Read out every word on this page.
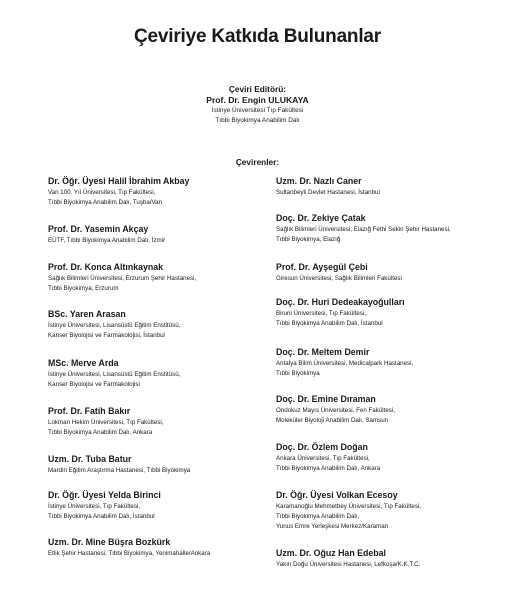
Çeviriye Katkıda Bulunanlar
Çeviri Editörü:
Prof. Dr. Engin ULUKAYA
İstinye Üniversitesi Tıp Fakültesi
Tıbbi Biyokimya Anabilim Dalı
Çevirenler:
Dr. Öğr. Üyesi Halil İbrahim Akbay
Van 100. Yıl Üniversitesi, Tıp Fakültesi,
Tıbbi Biyokimya Anabilim Dalı, Tuşba/Van
Prof. Dr. Yasemin Akçay
EÜTF, Tıbbi Biyokimya Anabilim Dalı, İzmir
Prof. Dr. Konca Altınkaynak
Sağlık Bilimleri Üniversitesi, Erzurum Şehir Hastanesi,
Tıbbi Biyokimya, Erzurum
BSc. Yaren Arasan
İstinye Üniversitesi, Lisansüstü Eğitim Enstitüsü,
Kanser Biyolojisi ve Farmakolojisi, İstanbul
MSc. Merve Arda
İstinye Üniversitesi, Lisansüstü Eğitim Enstitüsü,
Kanser Biyolojisi ve Farmakolojisi
Prof. Dr. Fatih Bakır
Lokman Hekim Üniversitesi, Tıp Fakültesi,
Tıbbi Biyokimya Anabilim Dalı, Ankara
Uzm. Dr. Tuba Batur
Mardin Eğitim Araştırma Hastanesi, Tıbbi Biyokimya
Dr. Öğr. Üyesi Yelda Birinci
İstinye Üniversitesi, Tıp Fakültesi,
Tıbbi Biyokimya Anabilim Dalı, İstanbul
Uzm. Dr. Mine Büşra Bozkürk
Etlik Şehir Hastanesi, Tıbbi Biyokimya, Yenimahalle/Ankara
Uzm. Dr. Nazlı Caner
Sultanbeyli Devlet Hastanesi, İstanbul
Doç. Dr. Zekiye Çatak
Sağlık Bilimleri Üniversitesi, Elazığ Fethi Sekin Şehir Hastanesi,
Tıbbi Biyokimya, Elazığ
Prof. Dr. Ayşegül Çebi
Giresun Üniversitesi, Sağlık Bilimleri Fakültesi
Doç. Dr. Huri Dedeakayoğulları
Biruni Üniversitesi, Tıp Fakültesi,
Tıbbi Biyokimya Anabilim Dalı, İstanbul
Doç. Dr. Meltem Demir
Antalya Bilim Üniversitesi, Medicalpark Hastanesi,
Tıbbi Biyokimya
Doç. Dr. Emine Dıraman
Ondokuz Mayıs Üniversitesi, Fen Fakültesi,
Moleküler Biyoloji Anabilim Dalı, Samsun
Doç. Dr. Özlem Doğan
Ankara Üniversitesi, Tıp Fakültesi,
Tıbbi Biyokimya Anabilim Dalı, Ankara
Dr. Öğr. Üyesi Volkan Ecesoy
Karamanoğlu Mehmetbey Üniversitesi, Tıp Fakültesi,
Tıbbi Biyokimya Anabilim Dalı,
Yunus Emre Yerleşkesi Merkez/Karaman
Uzm. Dr. Oğuz Han Edebal
Yakın Doğu Üniversitesi Hastanesi, Lefkoşa/K.K.T.C.
